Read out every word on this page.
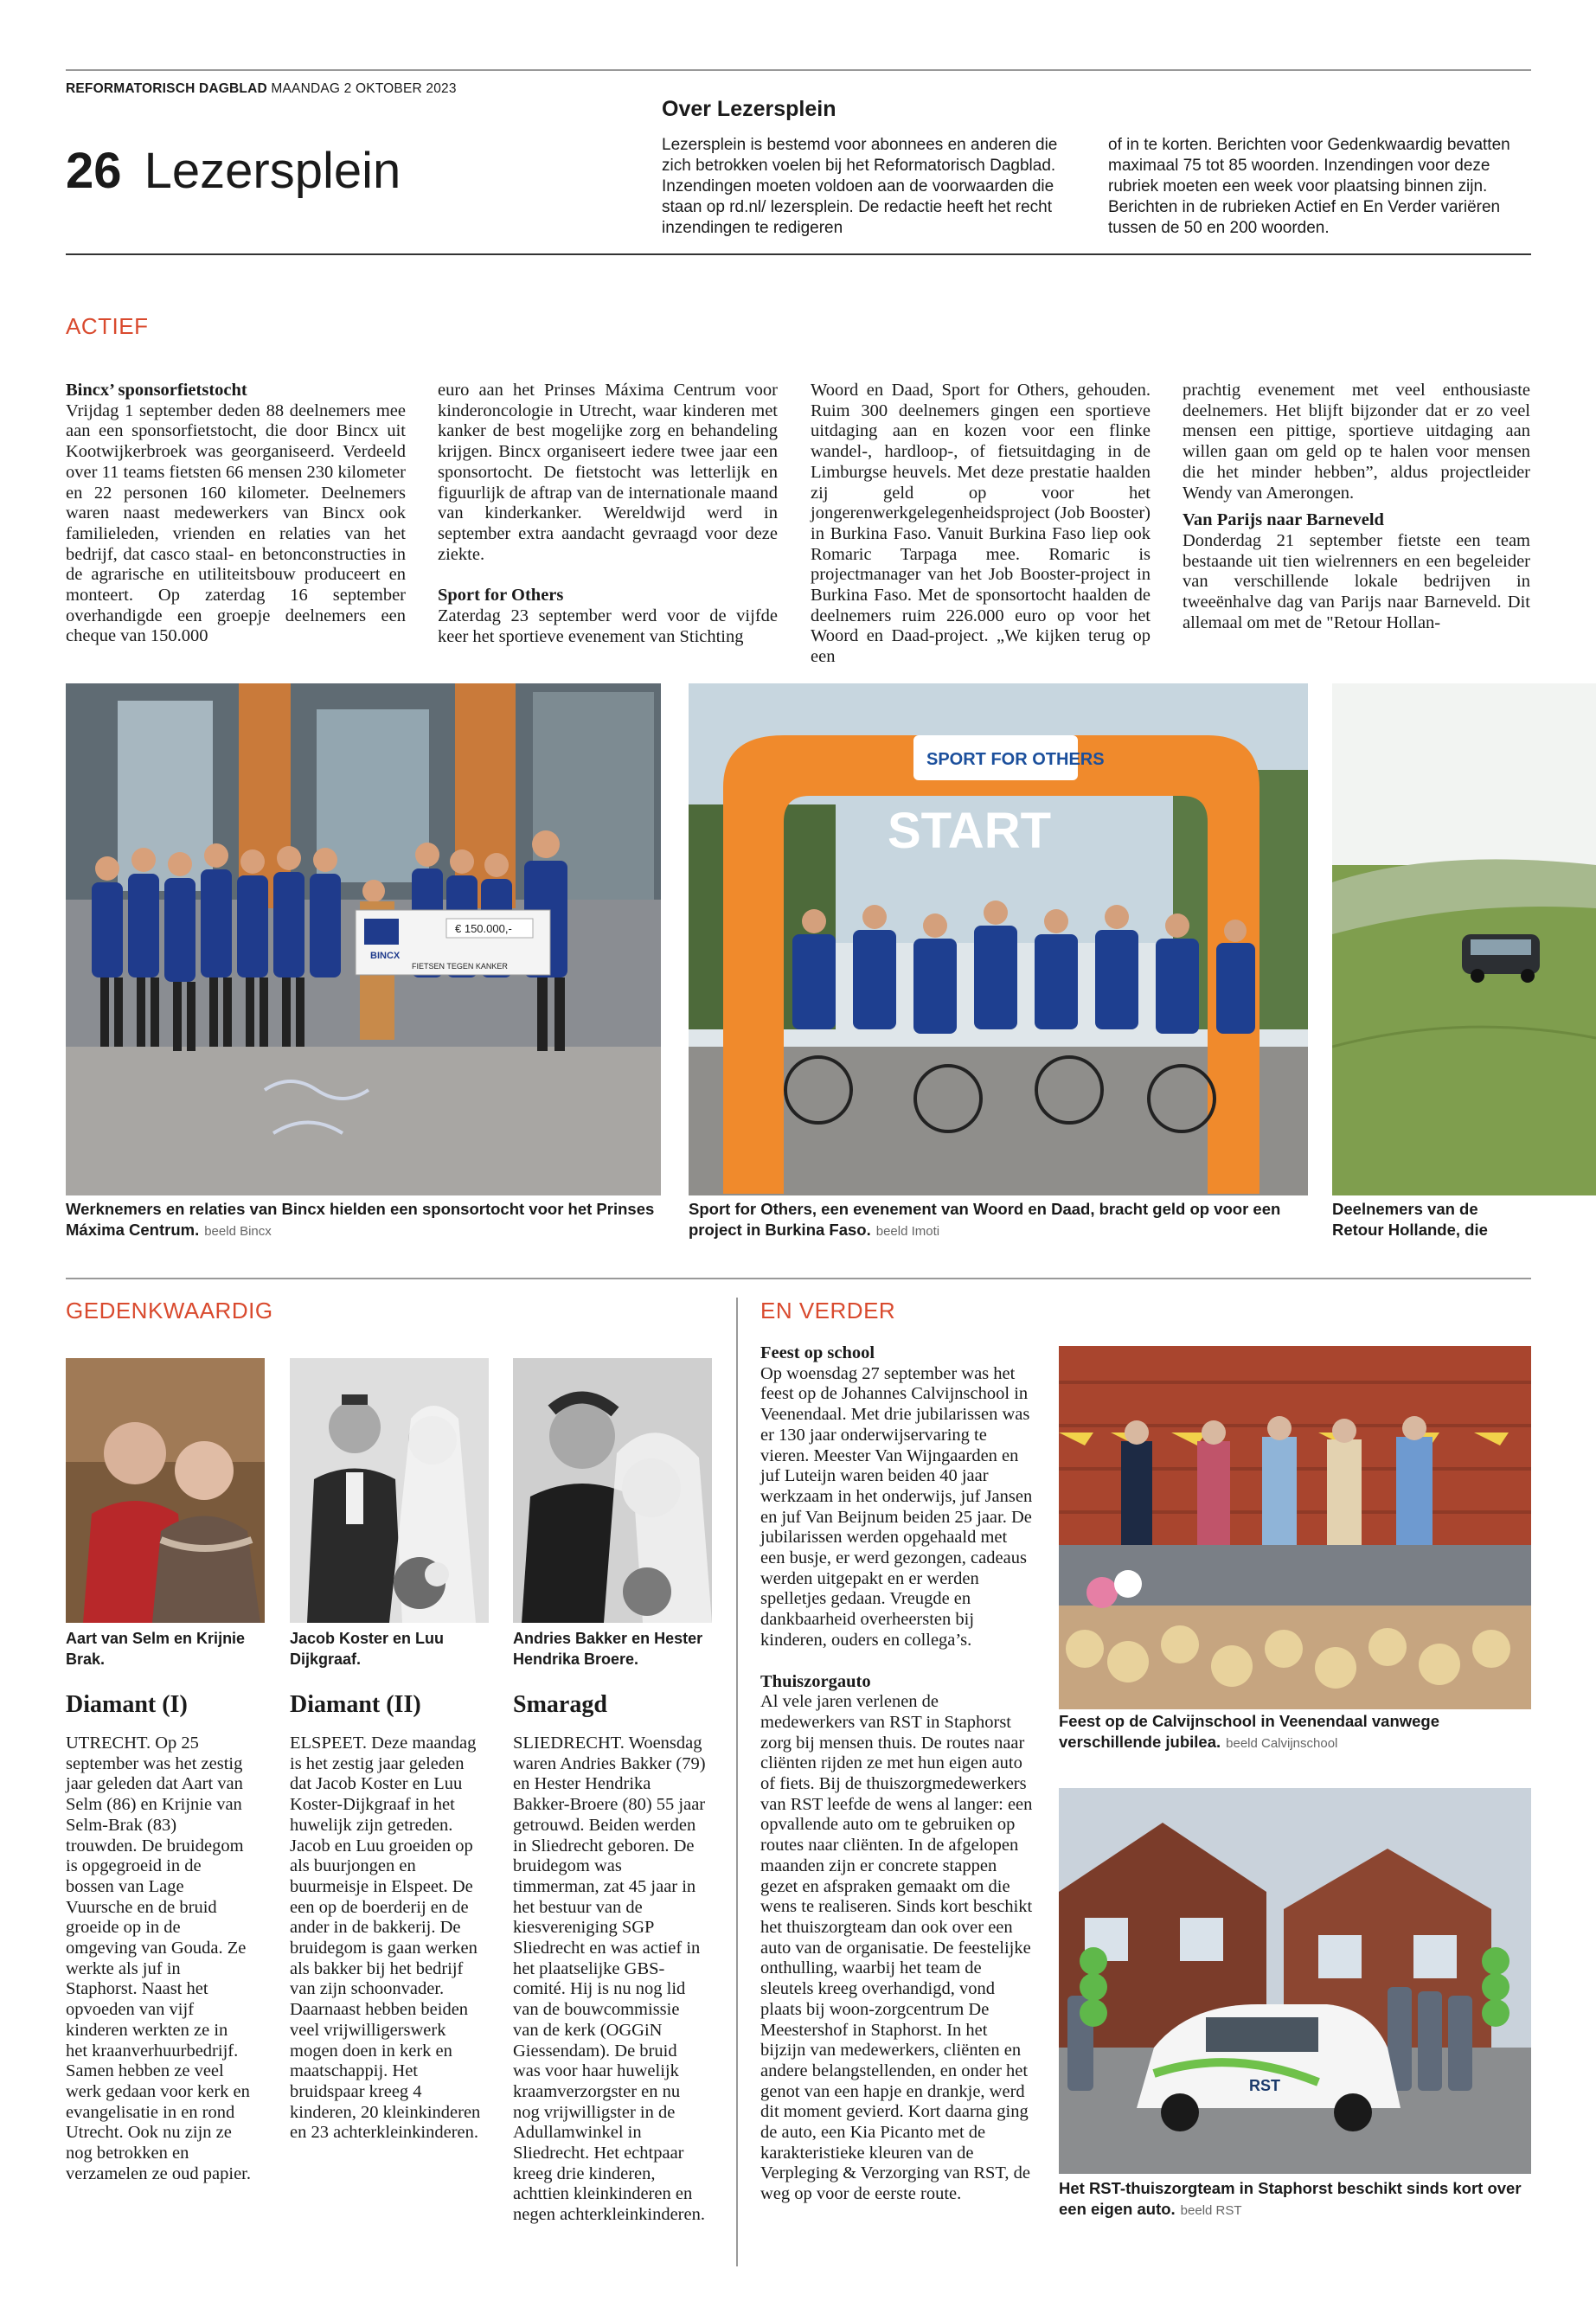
REFORMATORISCH DAGBLAD MAANDAG 2 OKTOBER 2023
26 Lezersplein
Over Lezersplein

Lezersplein is bestemd voor abonnees en anderen die zich betrokken voelen bij het Reformatorisch Dagblad. Inzendingen moeten voldoen aan de voorwaarden die staan op rd.nl/ lezersplein. De redactie heeft het recht inzendingen te redigeren

of in te korten. Berichten voor Gedenkwaardig bevatten maximaal 75 tot 85 woorden. Inzendingen voor deze rubriek moeten een week voor plaatsing binnen zijn. Berichten in de rubrieken Actief en En Verder variëren tussen de 50 en 200 woorden.

ACTIEF

Bincx’ sponsorfietstocht

Vrijdag 1 september deden 88 deelnemers mee aan een sponsorfietstocht, die door Bincx uit Kootwijkerbroek was georganiseerd. Verdeeld over 11 teams fietsten 66 mensen 230 kilometer en 22 personen 160 kilometer. Deelnemers waren naast medewerkers van Bincx ook familieleden, vrienden en relaties van het bedrijf, dat casco staal- en betonconstructies in de agrarische en utiliteitsbouw produceert en monteert. Op zaterdag 16 september overhandigde een groepje deelnemers een cheque van 150.000

euro aan het Prinses Máxima Centrum voor kinderoncologie in Utrecht, waar kinderen met kanker de best mogelijke zorg en behandeling krijgen. Bincx organiseert iedere twee jaar een sponsortocht. De fietstocht was letterlijk en figuurlijk de aftrap van de internationale maand van kinderkanker. Wereldwijd werd in september extra aandacht gevraagd voor deze ziekte.

Sport for Others

Zaterdag 23 september werd voor de vijfde keer het sportieve evenement van Stichting

Woord en Daad, Sport for Others, gehouden. Ruim 300 deelnemers gingen een sportieve uitdaging aan en kozen voor een flinke wandel-, hardloop-, of fietsuitdaging in de Limburgse heuvels. Met deze prestatie haalden zij geld op voor het jongerenwerkgelegenheidsproject (Job Booster) in Burkina Faso. Vanuit Burkina Faso liep ook Romaric Tarpaga mee. Romaric is projectmanager van het Job Booster-project in Burkina Faso. Met de sponsortocht haalden de deelnemers ruim 226.000 euro op voor het Woord en Daad-project. „We kijken terug op een

prachtig evenement met veel enthousiaste deelnemers. Het blijft bijzonder dat er zo veel mensen een pittige, sportieve uitdaging aan willen gaan om geld op te halen voor mensen die het minder hebben”, aldus projectleider Wendy van Amerongen.

Van Parijs naar Barneveld

Donderdag 21 september fietste een team bestaande uit tien wielrenners en een begeleider van verschillende lokale bedrijven in tweeënhalve dag van Parijs naar Barneveld. Dit allemaal om met de "Retour Hollan-

BINCX
€ 150.000,-
FIETSEN TEGEN KANKER
Werknemers en relaties van Bincx hielden een sponsortocht voor het Prinses Máxima Centrum. beeld Bincx
SPORT FOR OTHERS
START
Sport for Others, een evenement van Woord en Daad, bracht geld op voor een project in Burkina Faso. beeld Imoti
Deelnemers van de Retour Hollande, die
GEDENKWAARDIG
Aart van Selm en Krijnie Brak.
Diamant (I)

UTRECHT. Op 25 september was het zestig jaar geleden dat Aart van Selm (86) en Krijnie van Selm-Brak (83) trouwden. De bruidegom is opgegroeid in de bossen van Lage Vuursche en de bruid groeide op in de omgeving van Gouda. Ze werkte als juf in Staphorst. Naast het opvoeden van vijf kinderen werkten ze in het kraanverhuurbedrijf. Samen hebben ze veel werk gedaan voor kerk en evangelisatie in en rond Utrecht. Ook nu zijn ze nog betrokken en verzamelen ze oud papier.

Jacob Koster en Luu Dijkgraaf.
Diamant (II)

ELSPEET. Deze maandag is het zestig jaar geleden dat Jacob Koster en Luu Koster-Dijkgraaf in het huwelijk zijn getreden. Jacob en Luu groeiden op als buurjongen en buurmeisje in Elspeet. De een op de boerderij en de ander in de bakkerij. De bruidegom is gaan werken als bakker bij het bedrijf van zijn schoonvader. Daarnaast hebben beiden veel vrijwilligerswerk mogen doen in kerk en maatschappij. Het bruidspaar kreeg 4 kinderen, 20 kleinkinderen en 23 achterkleinkinderen.

Andries Bakker en Hester Hendrika Broere.
Smaragd

SLIEDRECHT. Woensdag waren Andries Bakker (79) en Hester Hendrika Bakker-Broere (80) 55 jaar getrouwd. Beiden werden in Sliedrecht geboren. De bruidegom was timmerman, zat 45 jaar in het bestuur van de kiesvereniging SGP Sliedrecht en was actief in het plaatselijke GBS-comité. Hij is nu nog lid van de bouwcommissie van de kerk (OGGiN Giessendam). De bruid was voor haar huwelijk kraamverzorgster en nu nog vrijwilligster in de Adullamwinkel in Sliedrecht. Het echtpaar kreeg drie kinderen, achttien kleinkinderen en negen achterkleinkinderen.

EN VERDER

Feest op school

Op woensdag 27 september was het feest op de Johannes Calvijnschool in Veenendaal. Met drie jubilarissen was er 130 jaar onderwijservaring te vieren. Meester Van Wijngaarden en juf Luteijn waren beiden 40 jaar werkzaam in het onderwijs, juf Jansen en juf Van Beijnum beiden 25 jaar. De jubilarissen werden opgehaald met een busje, er werd gezongen, cadeaus werden uitgepakt en er werden spelletjes gedaan. Vreugde en dankbaarheid overheersten bij kinderen, ouders en collega’s.

Thuiszorgauto

Al vele jaren verlenen de medewerkers van RST in Staphorst zorg bij mensen thuis. De routes naar cliënten rijden ze met hun eigen auto of fiets. Bij de thuiszorgmedewerkers van RST leefde de wens al langer: een opvallende auto om te gebruiken op routes naar cliënten. In de afgelopen maanden zijn er concrete stappen gezet en afspraken gemaakt om die wens te realiseren. Sinds kort beschikt het thuiszorgteam dan ook over een auto van de organisatie. De feestelijke onthulling, waarbij het team de sleutels kreeg overhandigd, vond plaats bij woon-zorgcentrum De Meestershof in Staphorst. In het bijzijn van medewerkers, cliënten en andere belangstellenden, en onder het genot van een hapje en drankje, werd dit moment gevierd. Kort daarna ging de auto, een Kia Picanto met de karakteristieke kleuren van de Verpleging & Verzorging van RST, de weg op voor de eerste route.

Feest op de Calvijnschool in Veenendaal vanwege verschillende jubilea. beeld Calvijnschool
RST
Het RST-thuiszorgteam in Staphorst beschikt sinds kort over een eigen auto. beeld RST
